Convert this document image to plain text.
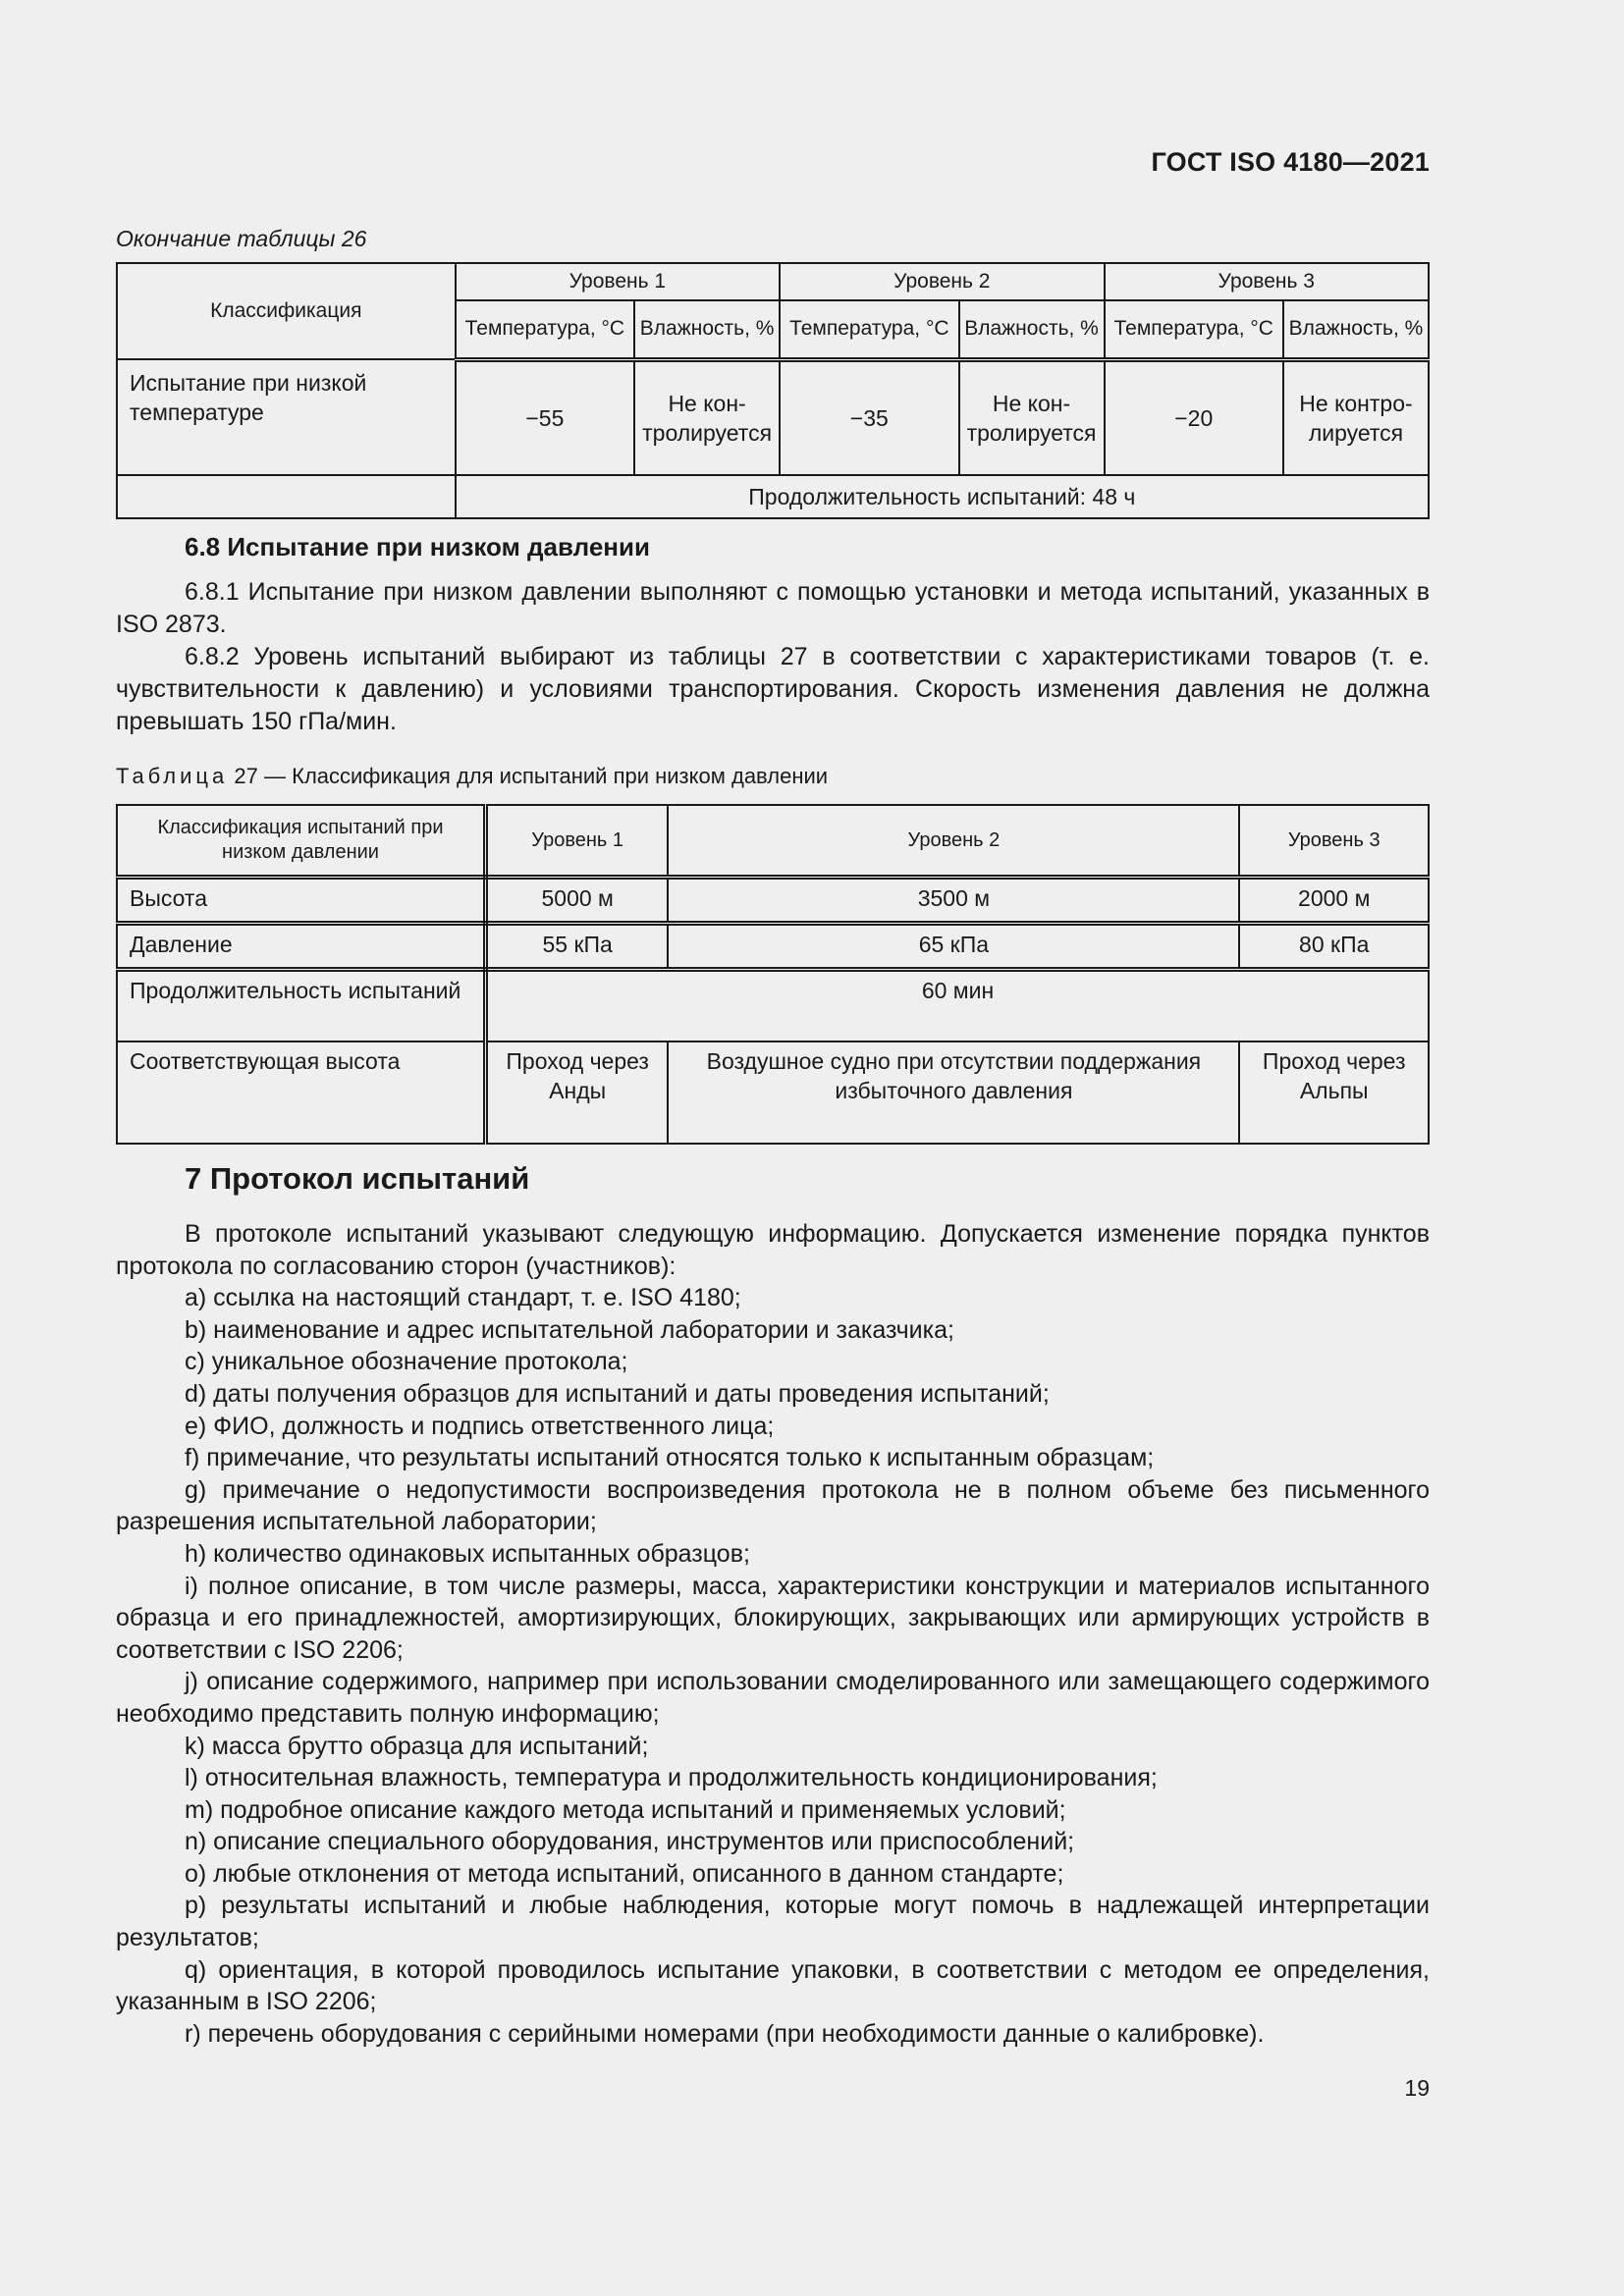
ГОСТ ISO 4180—2021
Окончание таблицы 26
Классификация	Уровень 1		Уровень 2		Уровень 3	
	Температура, °C	Влажность, %	Температура, °C	Влажность, %	Температура, °C	Влажность, %
Испытание при низкой температуре	−55	Не контролируется	−35	Не контролируется	−20	Не контролируется
	Продолжительность испытаний: 48 ч					
6.8 Испытание при низком давлении

6.8.1 Испытание при низком давлении выполняют с помощью установки и метода испытаний, указанных в ISO 2873.

6.8.2 Уровень испытаний выбирают из таблицы 27 в соответствии с характеристиками товаров (т. е. чувствительности к давлению) и условиями транспортирования. Скорость изменения давления не должна превышать 150 гПа/мин.

Таблица 27 — Классификация для испытаний при низком давлении
Классификация испытаний при низком давлении	Уровень 1	Уровень 2	Уровень 3
Высота	5000 м	3500 м	2000 м
Давление	55 кПа	65 кПа	80 кПа
Продолжительность испытаний	60 мин		
Соответствующая высота	Проход через Анды	Воздушное судно при отсутствии поддержания избыточного давления	Проход через Альпы
7 Протокол испытаний

В протоколе испытаний указывают следующую информацию. Допускается изменение порядка пунктов протокола по согласованию сторон (участников):

а) ссылка на настоящий стандарт, т. е. ISO 4180;

b) наименование и адрес испытательной лаборатории и заказчика;

c) уникальное обозначение протокола;

d) даты получения образцов для испытаний и даты проведения испытаний;

e) ФИО, должность и подпись ответственного лица;

f) примечание, что результаты испытаний относятся только к испытанным образцам;

g) примечание о недопустимости воспроизведения протокола не в полном объеме без письменного разрешения испытательной лаборатории;

h) количество одинаковых испытанных образцов;

i) полное описание, в том числе размеры, масса, характеристики конструкции и материалов испытанного образца и его принадлежностей, амортизирующих, блокирующих, закрывающих или армирующих устройств в соответствии с ISO 2206;

j) описание содержимого, например при использовании смоделированного или замещающего содержимого необходимо представить полную информацию;

k) масса брутто образца для испытаний;

l) относительная влажность, температура и продолжительность кондиционирования;

m) подробное описание каждого метода испытаний и применяемых условий;

n) описание специального оборудования, инструментов или приспособлений;

o) любые отклонения от метода испытаний, описанного в данном стандарте;

p) результаты испытаний и любые наблюдения, которые могут помочь в надлежащей интерпретации результатов;

q) ориентация, в которой проводилось испытание упаковки, в соответствии с методом ее определения, указанным в ISO 2206;

r) перечень оборудования с серийными номерами (при необходимости данные о калибровке).

19
